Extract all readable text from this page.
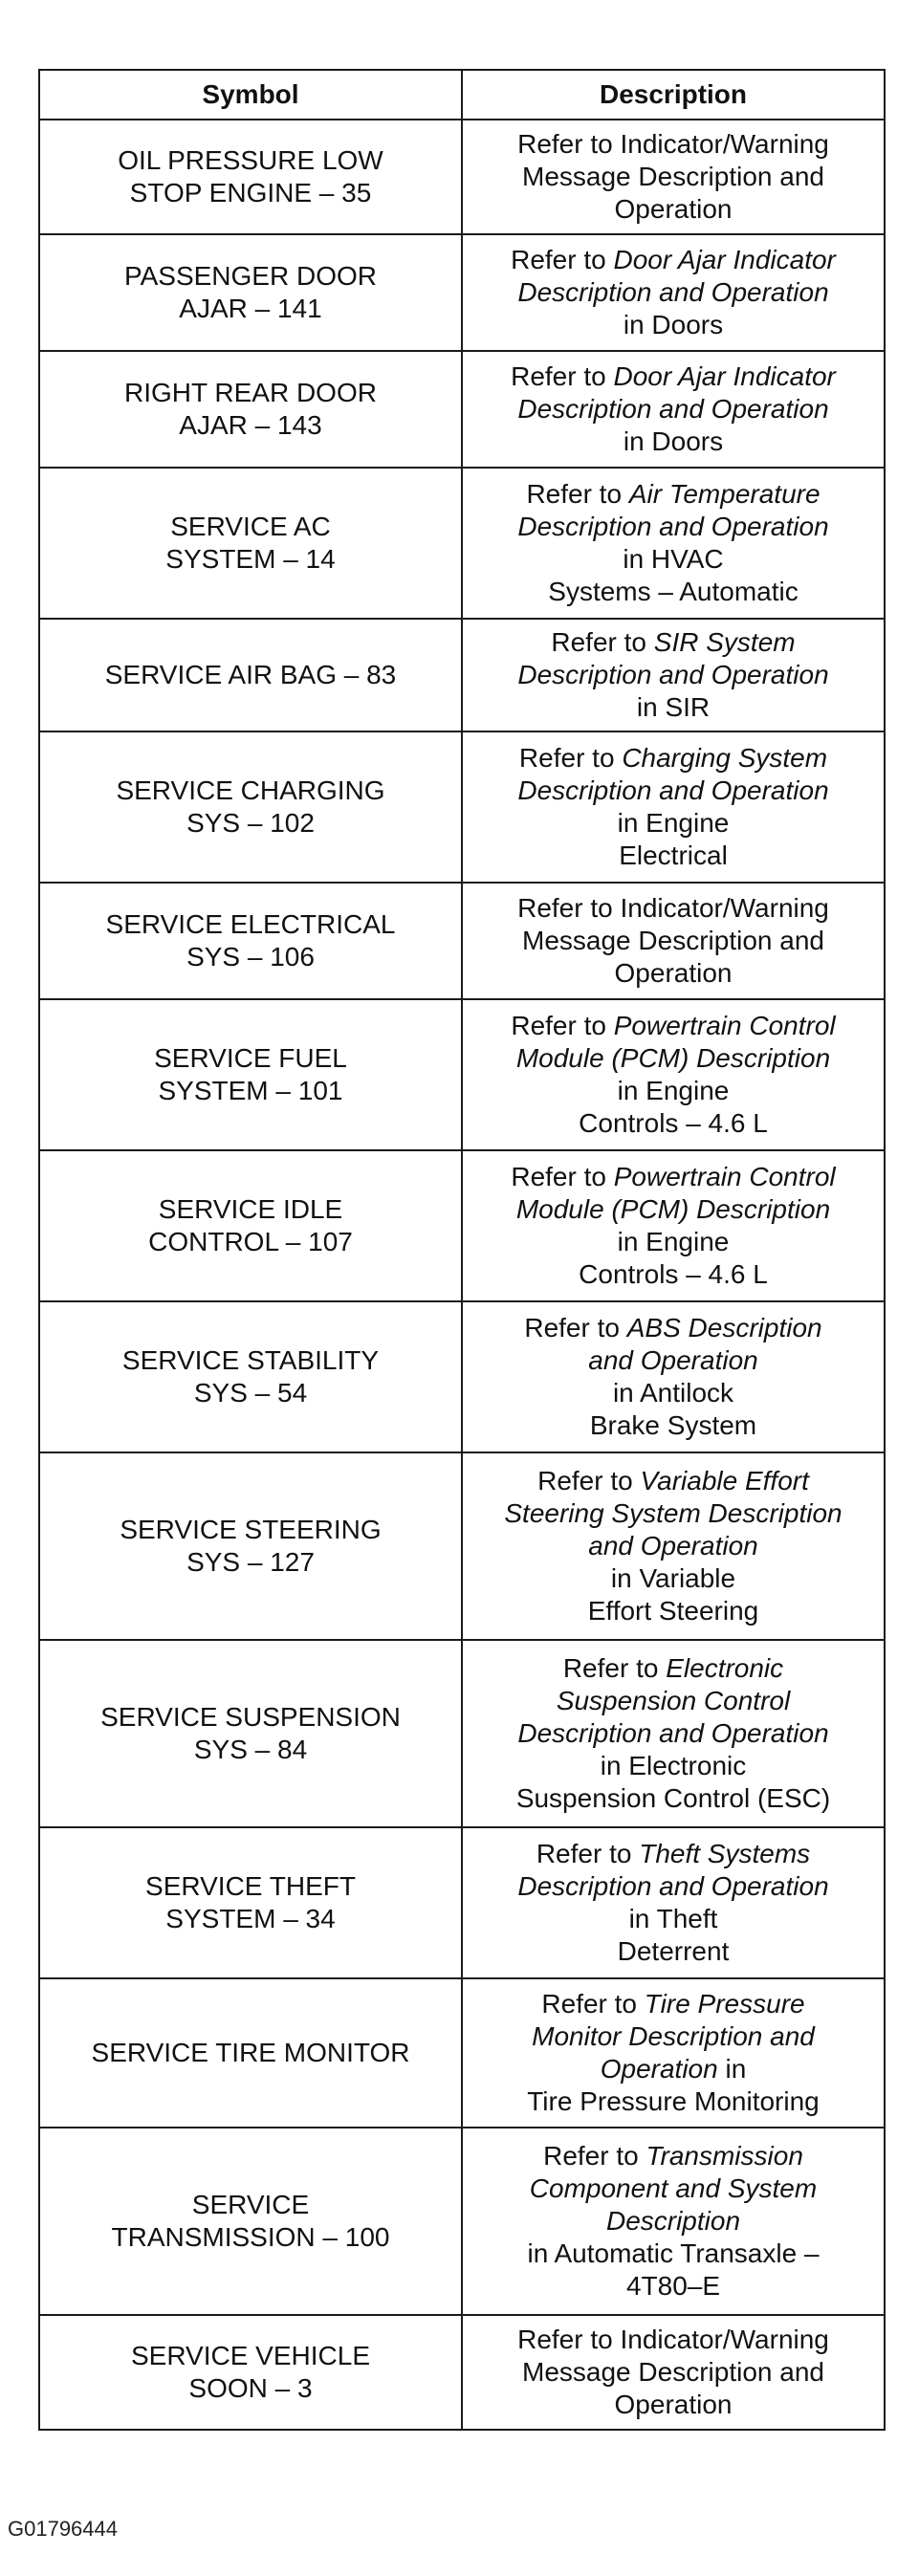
Symbol	Description

OIL PRESSURE LOW
STOP ENGINE – 35	Refer to Indicator/Warning
Message Description and
Operation

PASSENGER DOOR
AJAR – 141	Refer to Door Ajar Indicator
Description and Operation
in Doors

RIGHT REAR DOOR
AJAR – 143	Refer to Door Ajar Indicator
Description and Operation
in Doors

SERVICE AC
SYSTEM – 14	Refer to Air Temperature
Description and Operation
in HVAC
Systems – Automatic

SERVICE AIR BAG – 83	Refer to SIR System
Description and Operation
in SIR

SERVICE CHARGING
SYS – 102	Refer to Charging System
Description and Operation
in Engine
Electrical

SERVICE ELECTRICAL
SYS – 106	Refer to Indicator/Warning
Message Description and
Operation

SERVICE FUEL
SYSTEM – 101	Refer to Powertrain Control
Module (PCM) Description
in Engine
Controls – 4.6 L

SERVICE IDLE
CONTROL – 107	Refer to Powertrain Control
Module (PCM) Description
in Engine
Controls – 4.6 L

SERVICE STABILITY
SYS – 54	Refer to ABS Description
and Operation
in Antilock
Brake System

SERVICE STEERING
SYS – 127	Refer to Variable Effort
Steering System Description
and Operation
in Variable
Effort Steering

SERVICE SUSPENSION
SYS – 84	Refer to Electronic
Suspension Control
Description and Operation
in Electronic
Suspension Control (ESC)

SERVICE THEFT
SYSTEM – 34	Refer to Theft Systems
Description and Operation
in Theft
Deterrent

SERVICE TIRE MONITOR	Refer to Tire Pressure
Monitor Description and
Operation in
Tire Pressure Monitoring

SERVICE
TRANSMISSION – 100	Refer to Transmission
Component and System
Description
in Automatic Transaxle –
4T80–E

SERVICE VEHICLE
SOON – 3	Refer to Indicator/Warning
Message Description and
Operation
G01796444
